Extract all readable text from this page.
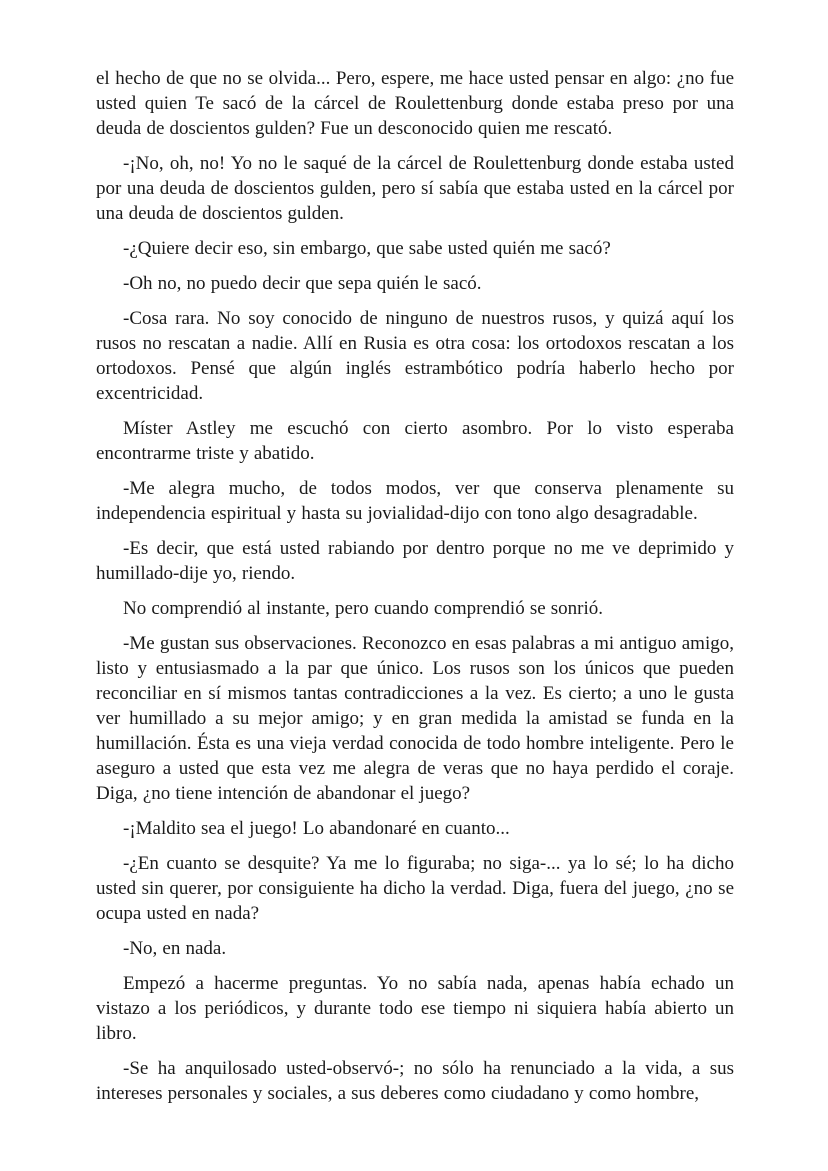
el hecho de que no se olvida... Pero, espere, me hace usted pensar en algo: ¿no fue usted quien Te sacó de la cárcel de Roulettenburg donde estaba preso por una deuda de doscientos gulden? Fue un desconocido quien me rescató.

-¡No, oh, no! Yo no le saqué de la cárcel de Roulettenburg donde estaba usted por una deuda de doscientos gulden, pero sí sabía que estaba usted en la cárcel por una deuda de doscientos gulden.

-¿Quiere decir eso, sin embargo, que sabe usted quién me sacó?

-Oh no, no puedo decir que sepa quién le sacó.

-Cosa rara. No soy conocido de ninguno de nuestros rusos, y quizá aquí los rusos no rescatan a nadie. Allí en Rusia es otra cosa: los ortodoxos rescatan a los ortodoxos. Pensé que algún inglés estrambótico podría haberlo hecho por excentricidad.

Míster Astley me escuchó con cierto asombro. Por lo visto esperaba encontrarme triste y abatido.

-Me alegra mucho, de todos modos, ver que conserva plenamente su independencia espiritual y hasta su jovialidad-dijo con tono algo desagradable.

-Es decir, que está usted rabiando por dentro porque no me ve deprimido y humillado-dije yo, riendo.

No comprendió al instante, pero cuando comprendió se sonrió.

-Me gustan sus observaciones. Reconozco en esas palabras a mi antiguo amigo, listo y entusiasmado a la par que único. Los rusos son los únicos que pueden reconciliar en sí mismos tantas contradicciones a la vez. Es cierto; a uno le gusta ver humillado a su mejor amigo; y en gran medida la amistad se funda en la humillación. Ésta es una vieja verdad conocida de todo hombre inteligente. Pero le aseguro a usted que esta vez me alegra de veras que no haya perdido el coraje. Diga, ¿no tiene intención de abandonar el juego?

-¡Maldito sea el juego! Lo abandonaré en cuanto...

-¿En cuanto se desquite? Ya me lo figuraba; no siga-... ya lo sé; lo ha dicho usted sin querer, por consiguiente ha dicho la verdad. Diga, fuera del juego, ¿no se ocupa usted en nada?

-No, en nada.

Empezó a hacerme preguntas. Yo no sabía nada, apenas había echado un vistazo a los periódicos, y durante todo ese tiempo ni siquiera había abierto un libro.

-Se ha anquilosado usted-observó-; no sólo ha renunciado a la vida, a sus intereses personales y sociales, a sus deberes como ciudadano y como hombre,
